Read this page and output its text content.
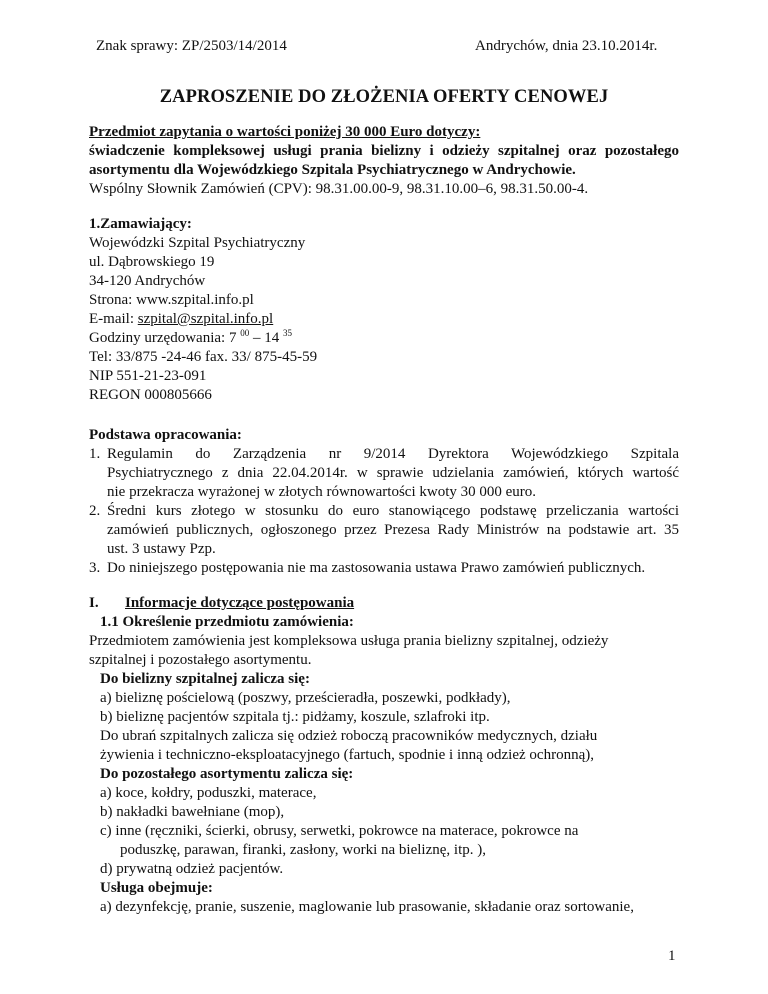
Znak sprawy: ZP/2503/14/2014	Andrychów, dnia 23.10.2014r.
ZAPROSZENIE DO ZŁOŻENIA OFERTY CENOWEJ
Przedmiot zapytania o wartości poniżej 30 000 Euro dotyczy:
świadczenie kompleksowej usługi prania bielizny i odzieży szpitalnej oraz pozostałego
asortymentu dla Wojewódzkiego Szpitala Psychiatrycznego w Andrychowie.
Wspólny Słownik Zamówień (CPV): 98.31.00.00-9, 98.31.10.00–6, 98.31.50.00-4.
1.Zamawiający:
Wojewódzki Szpital Psychiatryczny
ul. Dąbrowskiego 19
34-120 Andrychów
Strona: www.szpital.info.pl
E-mail: szpital@szpital.info.pl
Godziny urzędowania: 7 $^{00}$ – 14 $^{35}$
Tel: 33/875 -24-46 fax. 33/ 875-45-59
NIP 551-21-23-091
REGON 000805666
Podstawa opracowania:
1. Regulamin do Zarządzenia nr 9/2014 Dyrektora Wojewódzkiego Szpitala
Psychiatrycznego z dnia 22.04.2014r. w sprawie udzielania zamówień, których wartość
nie przekracza wyrażonej w złotych równowartości kwoty 30 000 euro.
2. Średni kurs złotego w stosunku do euro stanowiącego podstawę przeliczania wartości
zamówień publicznych, ogłoszonego przez Prezesa Rady Ministrów na podstawie art. 35
ust. 3 ustawy Pzp.
3. Do niniejszego postępowania nie ma zastosowania ustawa Prawo zamówień publicznych.
I. Informacje dotyczące postępowania
1.1 Określenie przedmiotu zamówienia:
Przedmiotem zamówienia jest kompleksowa usługa prania bielizny szpitalnej, odzieży
szpitalnej i pozostałego asortymentu.
Do bielizny szpitalnej zalicza się:
a) bieliznę pościelową (poszwy, prześcieradła, poszewki, podkłady),
b) bieliznę pacjentów szpitala tj.: pidżamy, koszule, szlafroki itp.
Do ubrań szpitalnych zalicza się odzież roboczą pracowników medycznych, działu
żywienia i techniczno-eksploatacyjnego (fartuch, spodnie i inną odzież ochronną),
Do pozostałego asortymentu zalicza się:
a) koce, kołdry, poduszki, materace,
b) nakładki bawełniane (mop),
c) inne (ręczniki, ścierki, obrusy, serwetki, pokrowce na materace, pokrowce na
poduszkę, parawan, firanki, zasłony, worki na bieliznę, itp. ),
d) prywatną odzież pacjentów.
Usługa obejmuje:
a) dezynfekcję, pranie, suszenie, maglowanie lub prasowanie, składanie oraz sortowanie,
1
